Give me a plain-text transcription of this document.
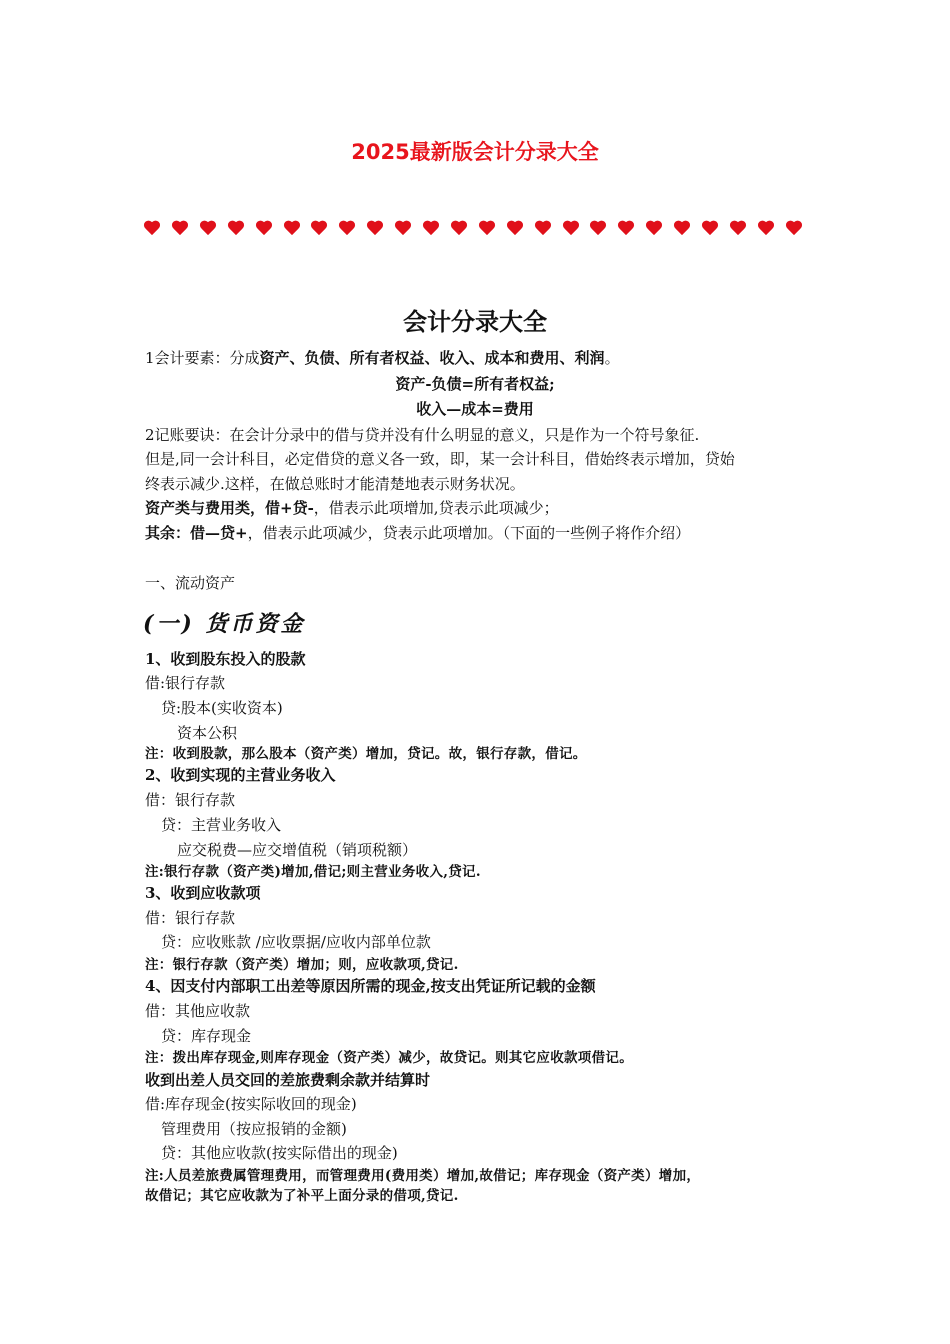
2025最新版会计分录大全
会计分录大全
1会计要素：分成资产、负债、所有者权益、收入、成本和费用、利润。
资产-负债=所有者权益;
收入—成本=费用
2记账要诀：在会计分录中的借与贷并没有什么明显的意义，只是作为一个符号象征.
但是,同一会计科目，必定借贷的意义各一致，即，某一会计科目，借始终表示增加，贷始
终表示减少.这样，在做总账时才能清楚地表示财务状况。
资产类与费用类，借+贷-，借表示此项增加,贷表示此项减少；
其余：借—贷+，借表示此项减少，贷表示此项增加。（下面的一些例子将作介绍）
一、流动资产
(一) 货币资金
1、收到股东投入的股款
借:银行存款
贷:股本(实收资本)
资本公积
注：收到股款，那么股本（资产类）增加，贷记。故，银行存款，借记。
2、收到实现的主营业务收入
借：银行存款
贷：主营业务收入
应交税费—应交增值税（销项税额）
注:银行存款（资产类)增加,借记;则主营业务收入,贷记.
3、收到应收款项
借：银行存款
贷：应收账款 /应收票据/应收内部单位款
注：银行存款（资产类）增加；则，应收款项,贷记.
4、因支付内部职工出差等原因所需的现金,按支出凭证所记载的金额
借：其他应收款
贷：库存现金
注：拨出库存现金,则库存现金（资产类）减少，故贷记。则其它应收款项借记。
收到出差人员交回的差旅费剩余款并结算时
借:库存现金(按实际收回的现金)
管理费用（按应报销的金额)
贷：其他应收款(按实际借出的现金)
注:人员差旅费属管理费用，而管理费用(费用类）增加,故借记；库存现金（资产类）增加，
故借记；其它应收款为了补平上面分录的借项,贷记.
